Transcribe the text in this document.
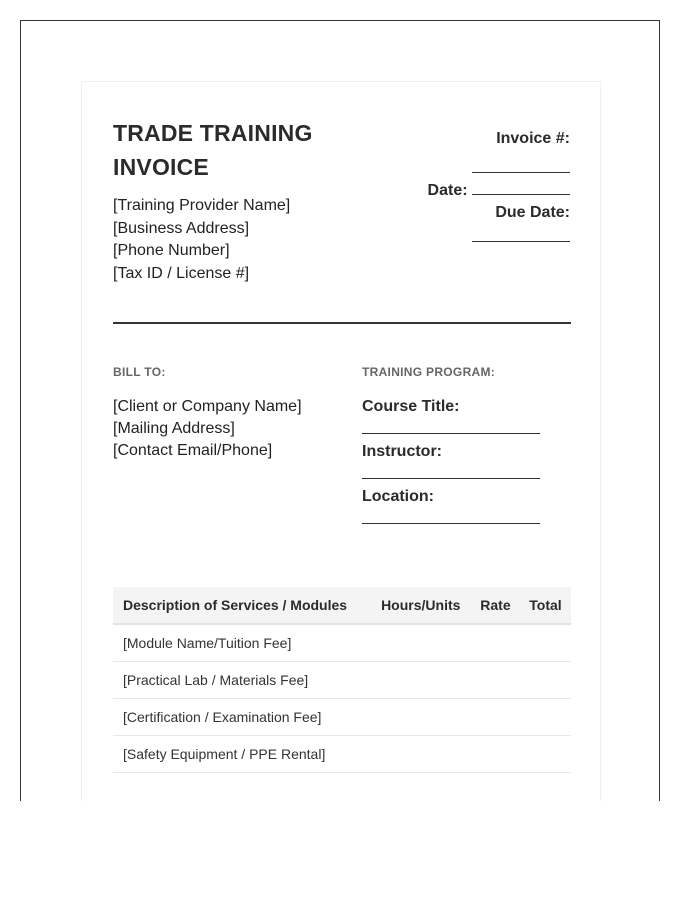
TRADE TRAINING INVOICE
[Training Provider Name]
[Business Address]
[Phone Number]
[Tax ID / License #]
Invoice #:
Date:
Due Date:
BILL TO:	TRAINING PROGRAM:
[Client or Company Name]
[Mailing Address]
[Contact Email/Phone]
Course Title:
Instructor:
Location:
Description of Services / Modules	Hours/Units	Rate	Total
[Module Name/Tuition Fee]			
[Practical Lab / Materials Fee]			
[Certification / Examination Fee]			
[Safety Equipment / PPE Rental]			
